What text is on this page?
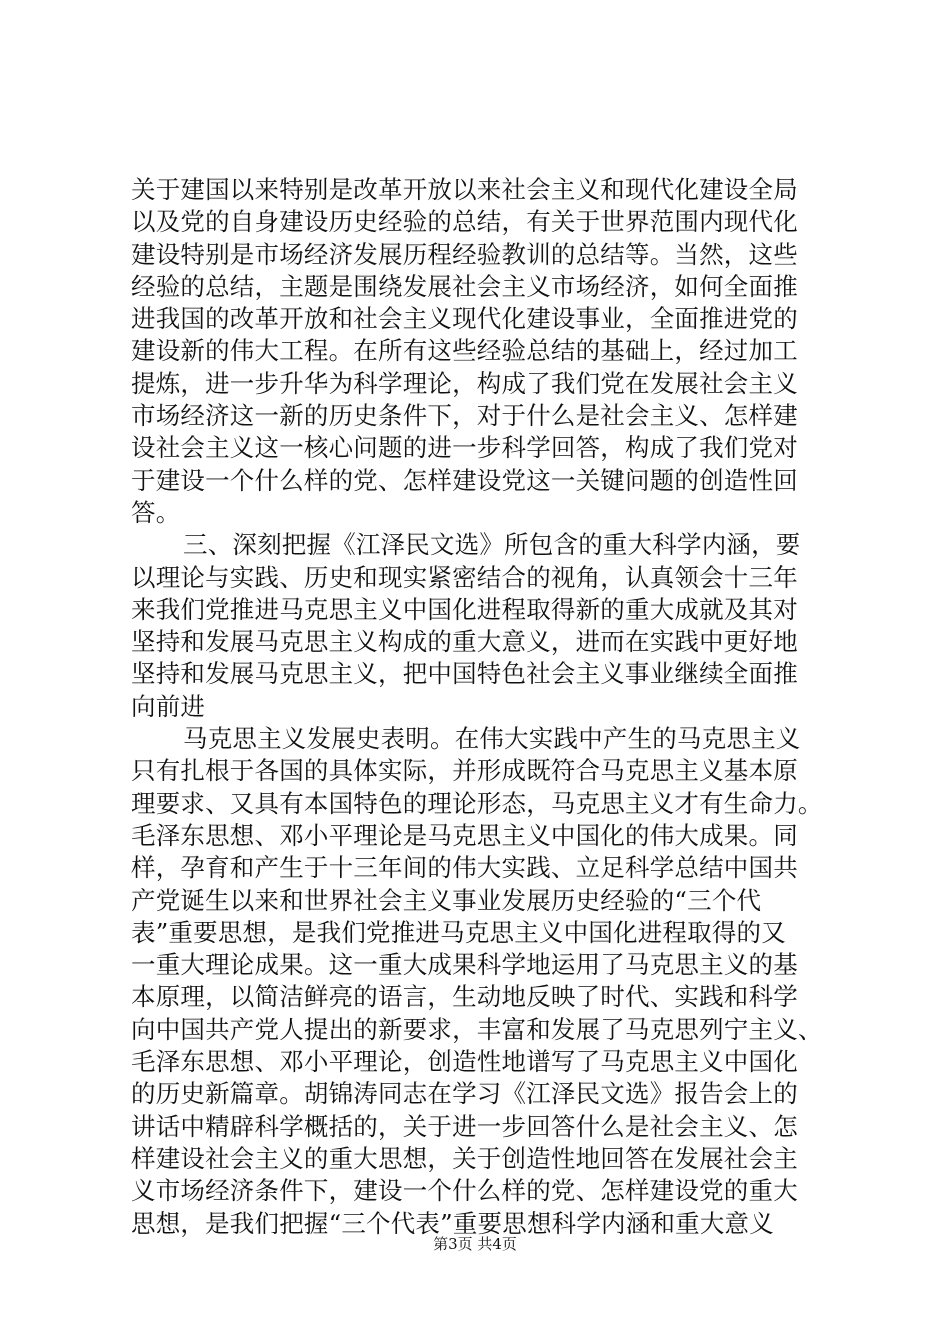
关于建国以来特别是改革开放以来社会主义和现代化建设全局
以及党的自身建设历史经验的总结，有关于世界范围内现代化
建设特别是市场经济发展历程经验教训的总结等。当然，这些
经验的总结，主题是围绕发展社会主义市场经济，如何全面推
进我国的改革开放和社会主义现代化建设事业，全面推进党的
建设新的伟大工程。在所有这些经验总结的基础上，经过加工
提炼，进一步升华为科学理论，构成了我们党在发展社会主义
市场经济这一新的历史条件下，对于什么是社会主义、怎样建
设社会主义这一核心问题的进一步科学回答，构成了我们党对
于建设一个什么样的党、怎样建设党这一关键问题的创造性回
答。
三、深刻把握《江泽民文选》所包含的重大科学内涵，要
以理论与实践、历史和现实紧密结合的视角，认真领会十三年
来我们党推进马克思主义中国化进程取得新的重大成就及其对
坚持和发展马克思主义构成的重大意义，进而在实践中更好地
坚持和发展马克思主义，把中国特色社会主义事业继续全面推
向前进
马克思主义发展史表明。在伟大实践中产生的马克思主义
只有扎根于各国的具体实际，并形成既符合马克思主义基本原
理要求、又具有本国特色的理论形态，马克思主义才有生命力。
毛泽东思想、邓小平理论是马克思主义中国化的伟大成果。同
样，孕育和产生于十三年间的伟大实践、立足科学总结中国共
产党诞生以来和世界社会主义事业发展历史经验的“三个代
表”重要思想，是我们党推进马克思主义中国化进程取得的又
一重大理论成果。这一重大成果科学地运用了马克思主义的基
本原理，以简洁鲜亮的语言，生动地反映了时代、实践和科学
向中国共产党人提出的新要求，丰富和发展了马克思列宁主义、
毛泽东思想、邓小平理论，创造性地谱写了马克思主义中国化
的历史新篇章。胡锦涛同志在学习《江泽民文选》报告会上的
讲话中精辟科学概括的，关于进一步回答什么是社会主义、怎
样建设社会主义的重大思想，关于创造性地回答在发展社会主
义市场经济条件下，建设一个什么样的党、怎样建设党的重大
思想，是我们把握“三个代表”重要思想科学内涵和重大意义
第3页 共4页
